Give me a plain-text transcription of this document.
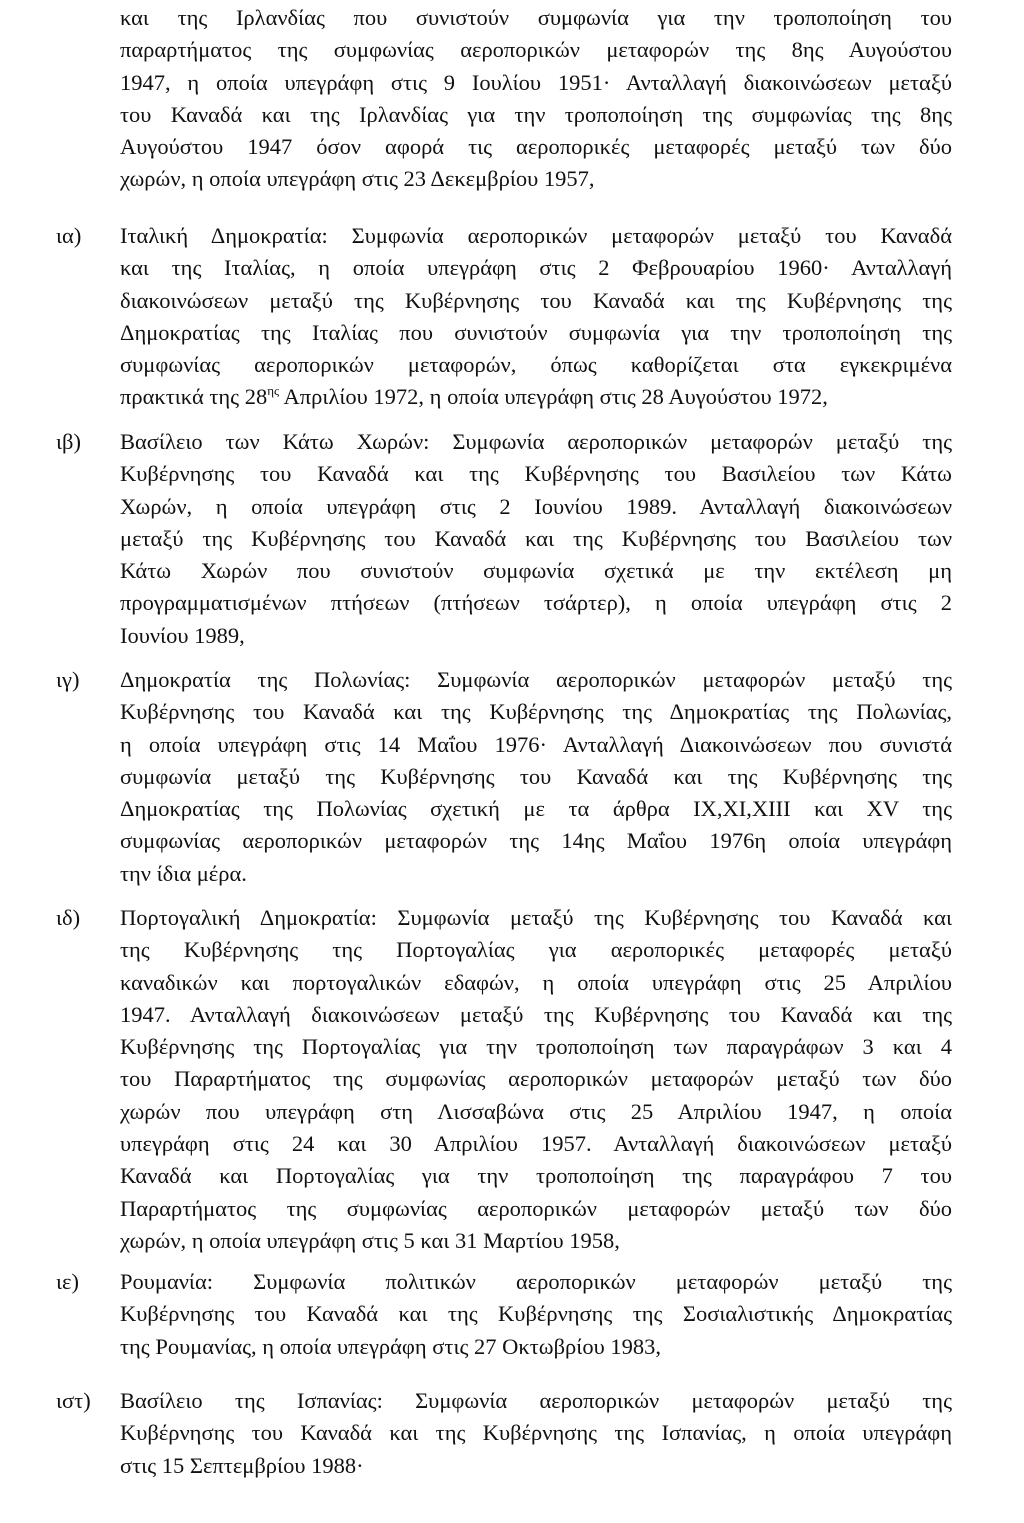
και της Ιρλανδίας που συνιστούν συμφωνία για την τροποποίηση του
παραρτήματος της συμφωνίας αεροπορικών μεταφορών της 8ης Αυγούστου
1947, η οποία υπεγράφη στις 9 Ιουλίου 1951· Ανταλλαγή διακοινώσεων μεταξύ
του Καναδά και της Ιρλανδίας για την τροποποίηση της συμφωνίας της 8ης
Αυγούστου 1947 όσον αφορά τις αεροπορικές μεταφορές μεταξύ των δύο
χωρών, η οποία υπεγράφη στις 23 Δεκεμβρίου 1957,
ια) Ιταλική Δημοκρατία: Συμφωνία αεροπορικών μεταφορών μεταξύ του Καναδά
και της Ιταλίας, η οποία υπεγράφη στις 2 Φεβρουαρίου 1960· Ανταλλαγή
διακοινώσεων μεταξύ της Κυβέρνησης του Καναδά και της Κυβέρνησης της
Δημοκρατίας της Ιταλίας που συνιστούν συμφωνία για την τροποποίηση της
συμφωνίας αεροπορικών μεταφορών, όπως καθορίζεται στα εγκεκριμένα
πρακτικά της $28^{\eta\varsigma}$ Απριλίου 1972, η οποία υπεγράφη στις 28 Αυγούστου 1972,
ιβ) Βασίλειο των Κάτω Χωρών: Συμφωνία αεροπορικών μεταφορών μεταξύ της
Κυβέρνησης του Καναδά και της Κυβέρνησης του Βασιλείου των Κάτω
Χωρών, η οποία υπεγράφη στις 2 Ιουνίου 1989. Ανταλλαγή διακοινώσεων
μεταξύ της Κυβέρνησης του Καναδά και της Κυβέρνησης του Βασιλείου των
Κάτω Χωρών που συνιστούν συμφωνία σχετικά με την εκτέλεση μη
προγραμματισμένων πτήσεων (πτήσεων τσάρτερ), η οποία υπεγράφη στις 2
Ιουνίου 1989,
ιγ) Δημοκρατία της Πολωνίας: Συμφωνία αεροπορικών μεταφορών μεταξύ της
Κυβέρνησης του Καναδά και της Κυβέρνησης της Δημοκρατίας της Πολωνίας,
η οποία υπεγράφη στις 14 Μαΐου 1976· Ανταλλαγή Διακοινώσεων που συνιστά
συμφωνία μεταξύ της Κυβέρνησης του Καναδά και της Κυβέρνησης της
Δημοκρατίας της Πολωνίας σχετική με τα άρθρα IX,XI,XIII και XV της
συμφωνίας αεροπορικών μεταφορών της 14ης Μαΐου 1976η οποία υπεγράφη
την ίδια μέρα.
ιδ) Πορτογαλική Δημοκρατία: Συμφωνία μεταξύ της Κυβέρνησης του Καναδά και
της Κυβέρνησης της Πορτογαλίας για αεροπορικές μεταφορές μεταξύ
καναδικών και πορτογαλικών εδαφών, η οποία υπεγράφη στις 25 Απριλίου
1947. Ανταλλαγή διακοινώσεων μεταξύ της Κυβέρνησης του Καναδά και της
Κυβέρνησης της Πορτογαλίας για την τροποποίηση των παραγράφων 3 και 4
του Παραρτήματος της συμφωνίας αεροπορικών μεταφορών μεταξύ των δύο
χωρών που υπεγράφη στη Λισσαβώνα στις 25 Απριλίου 1947, η οποία
υπεγράφη στις 24 και 30 Απριλίου 1957. Ανταλλαγή διακοινώσεων μεταξύ
Καναδά και Πορτογαλίας για την τροποποίηση της παραγράφου 7 του
Παραρτήματος της συμφωνίας αεροπορικών μεταφορών μεταξύ των δύο
χωρών, η οποία υπεγράφη στις 5 και 31 Μαρτίου 1958,
ιε) Ρουμανία: Συμφωνία πολιτικών αεροπορικών μεταφορών μεταξύ της
Κυβέρνησης του Καναδά και της Κυβέρνησης της Σοσιαλιστικής Δημοκρατίας
της Ρουμανίας, η οποία υπεγράφη στις 27 Οκτωβρίου 1983,
ιστ) Βασίλειο της Ισπανίας: Συμφωνία αεροπορικών μεταφορών μεταξύ της
Κυβέρνησης του Καναδά και της Κυβέρνησης της Ισπανίας, η οποία υπεγράφη
στις 15 Σεπτεμβρίου 1988·
